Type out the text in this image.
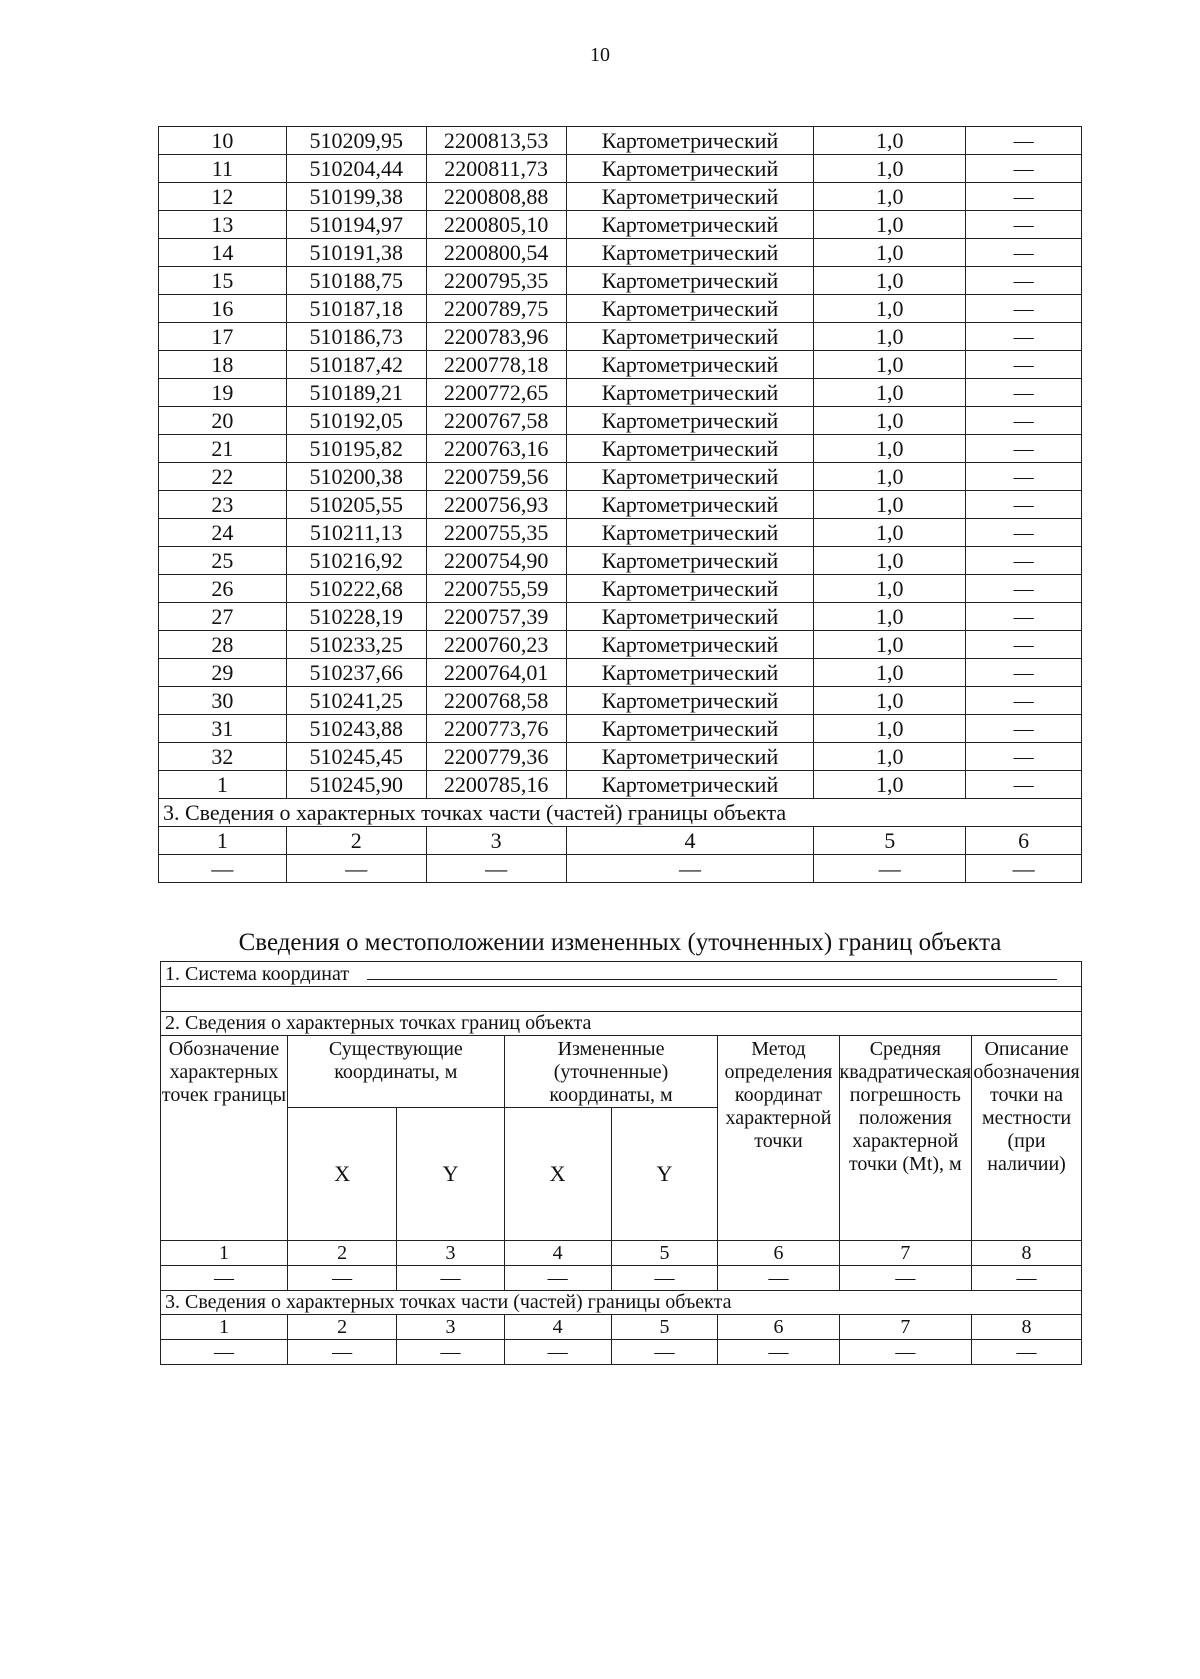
10
10	510209,95	2200813,53	Картометрический	1,0	—
11	510204,44	2200811,73	Картометрический	1,0	—
12	510199,38	2200808,88	Картометрический	1,0	—
13	510194,97	2200805,10	Картометрический	1,0	—
14	510191,38	2200800,54	Картометрический	1,0	—
15	510188,75	2200795,35	Картометрический	1,0	—
16	510187,18	2200789,75	Картометрический	1,0	—
17	510186,73	2200783,96	Картометрический	1,0	—
18	510187,42	2200778,18	Картометрический	1,0	—
19	510189,21	2200772,65	Картометрический	1,0	—
20	510192,05	2200767,58	Картометрический	1,0	—
21	510195,82	2200763,16	Картометрический	1,0	—
22	510200,38	2200759,56	Картометрический	1,0	—
23	510205,55	2200756,93	Картометрический	1,0	—
24	510211,13	2200755,35	Картометрический	1,0	—
25	510216,92	2200754,90	Картометрический	1,0	—
26	510222,68	2200755,59	Картометрический	1,0	—
27	510228,19	2200757,39	Картометрический	1,0	—
28	510233,25	2200760,23	Картометрический	1,0	—
29	510237,66	2200764,01	Картометрический	1,0	—
30	510241,25	2200768,58	Картометрический	1,0	—
31	510243,88	2200773,76	Картометрический	1,0	—
32	510245,45	2200779,36	Картометрический	1,0	—
1	510245,90	2200785,16	Картометрический	1,0	—
3. Сведения о характерных точках части (частей) границы объекта					
1	2	3	4	5	6
—	—	—	—	—	—
Сведения о местоположении измененных (уточненных) границ объекта
1. Система координат							

2. Сведения о характерных точках границ объекта							
Обозначение характерных точек границы	Существующие координаты, м		Измененные (уточненные) координаты, м		Метод определения координат характерной точки	Средняя квадратическая погрешность положения характерной точки (Mt), м	Описание обозначения точки на местности (при наличии)
	X	Y	X	Y			
1	2	3	4	5	6	7	8
—	—	—	—	—	—	—	—
3. Сведения о характерных точках части (частей) границы объекта							
1	2	3	4	5	6	7	8
—	—	—	—	—	—	—	—
